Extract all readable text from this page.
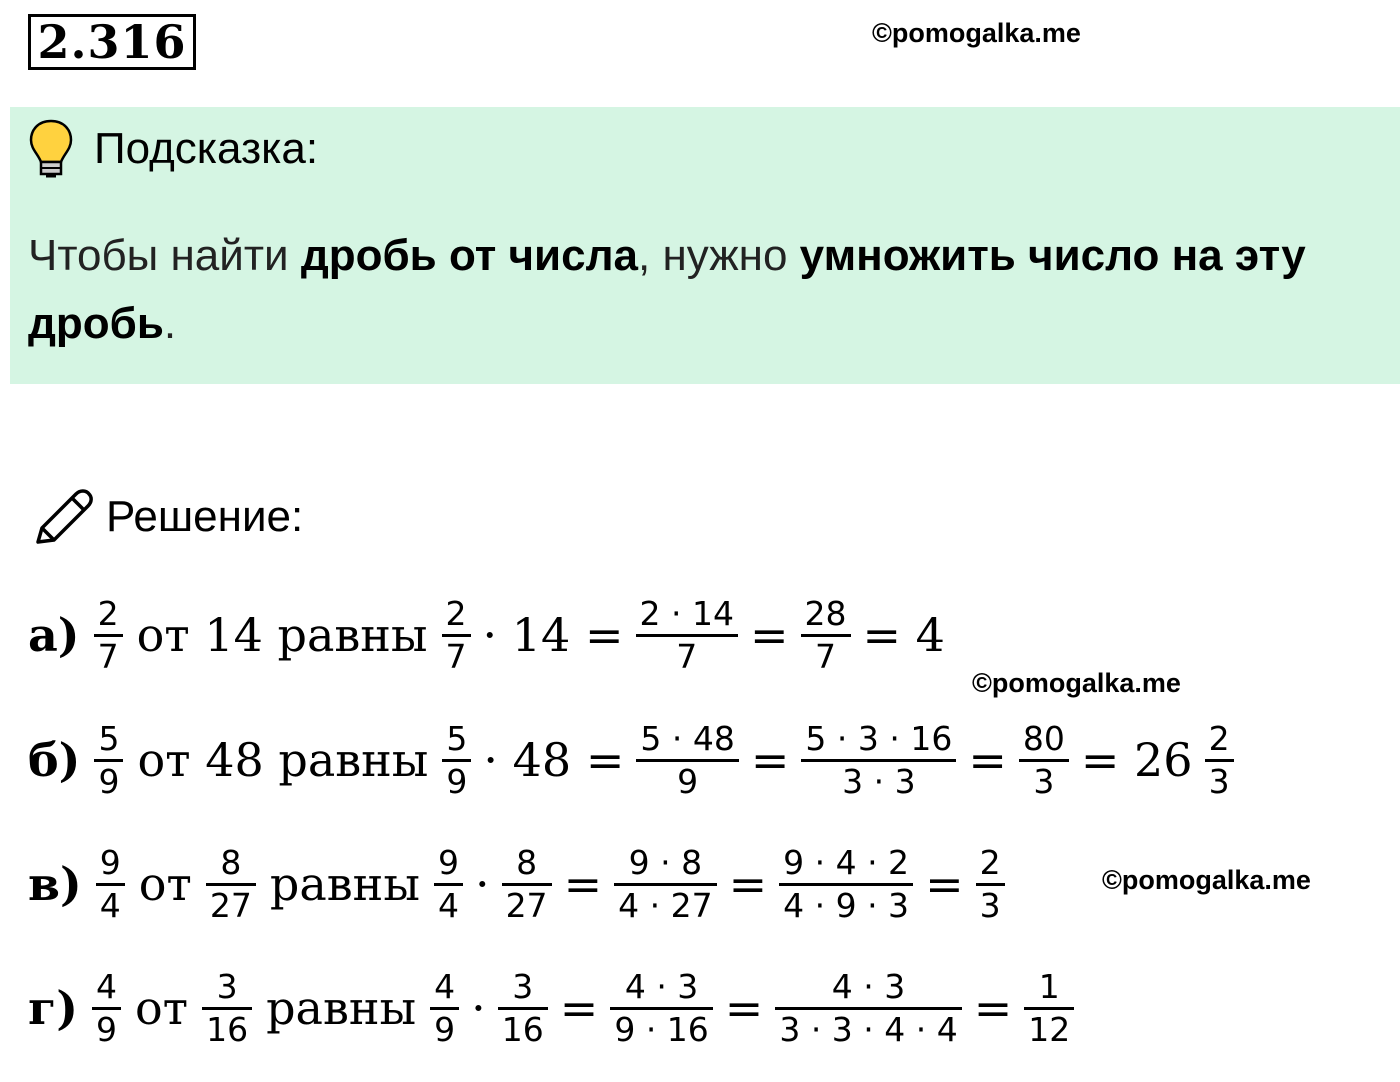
2.316	©pomogalka.me
Подсказка:
Чтобы найти дробь от числа, нужно умножить число на эту дробь.
Решение:
а) 2
7 от 14 равны 2
7 · 14 = 2 · 14
7 = 28
7 = 4
©pomogalka.me
б) 5
9 от 48 равны 5
9 · 48 = 5 · 48
9 = 5 · 3 · 16
3 · 3 = 80
3 = 26 2
3
в) 9
4 от 8
27 равны 9
4 · 8
27 = 9 · 8
4 · 27 = 9 · 4 · 2
4 · 9 · 3 = 2
3
©pomogalka.me
г) 4
9 от 3
16 равны 4
9 · 3
16 = 4 · 3
9 · 16 = 4 · 3
3 · 3 · 4 · 4 = 1
12
